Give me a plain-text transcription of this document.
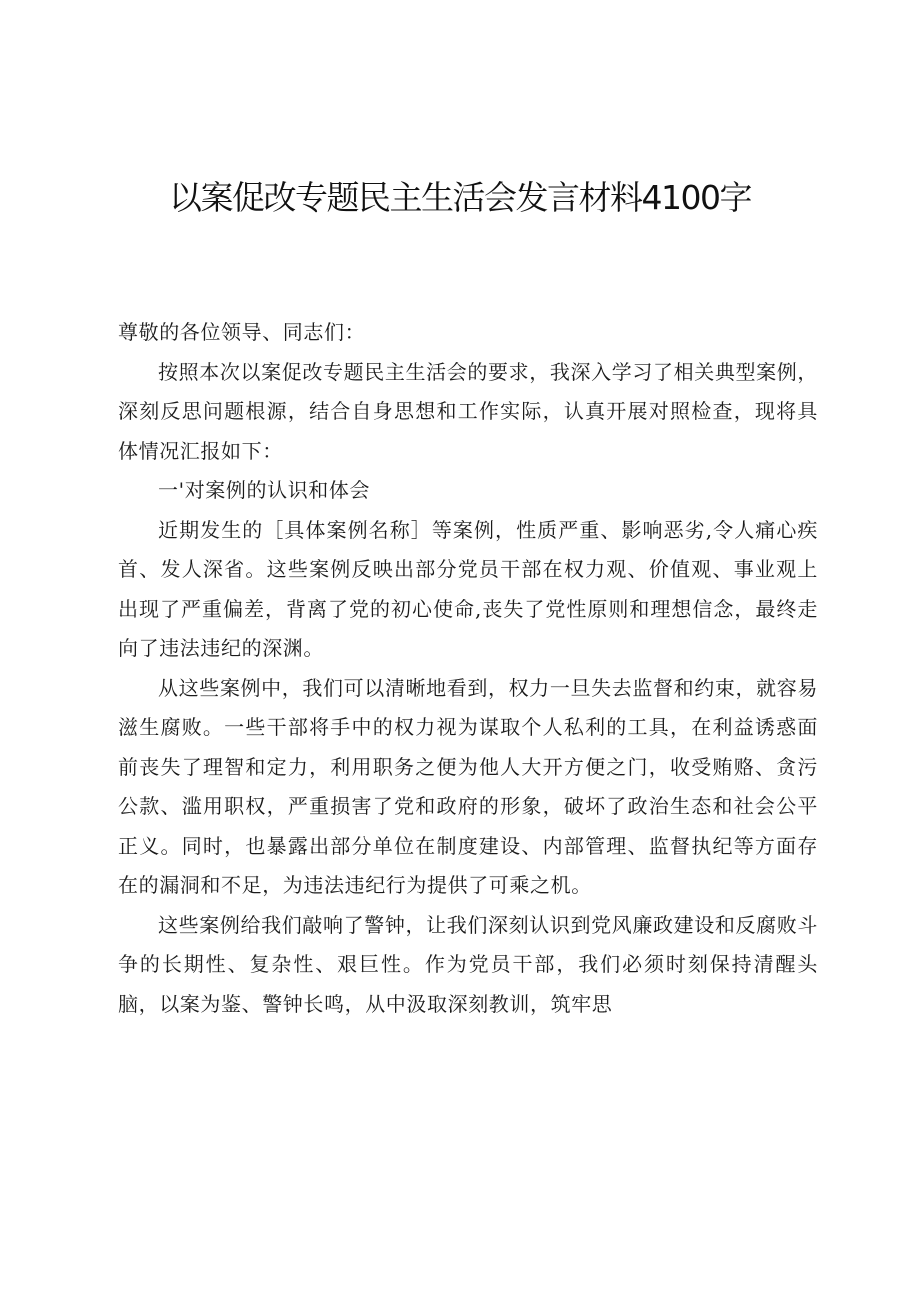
以案促改专题民主生活会发言材料4100字

尊敬的各位领导、同志们：

按照本次以案促改专题民主生活会的要求，我深入学习了相关典型案例，深刻反思问题根源，结合自身思想和工作实际，认真开展对照检查，现将具体情况汇报如下：

一'对案例的认识和体会

近期发生的［具体案例名称］等案例，性质严重、影响恶劣,令人痛心疾首、发人深省。这些案例反映出部分党员干部在权力观、价值观、事业观上出现了严重偏差，背离了党的初心使命,丧失了党性原则和理想信念，最终走向了违法违纪的深渊。

从这些案例中，我们可以清晰地看到，权力一旦失去监督和约束，就容易滋生腐败。一些干部将手中的权力视为谋取个人私利的工具，在利益诱惑面前丧失了理智和定力，利用职务之便为他人大开方便之门，收受贿赂、贪污公款、滥用职权，严重损害了党和政府的形象，破坏了政治生态和社会公平正义。同时，也暴露出部分单位在制度建设、内部管理、监督执纪等方面存在的漏洞和不足，为违法违纪行为提供了可乘之机。

这些案例给我们敲响了警钟，让我们深刻认识到党风廉政建设和反腐败斗争的长期性、复杂性、艰巨性。作为党员干部，我们必须时刻保持清醒头脑，以案为鉴、警钟长鸣，从中汲取深刻教训，筑牢思
